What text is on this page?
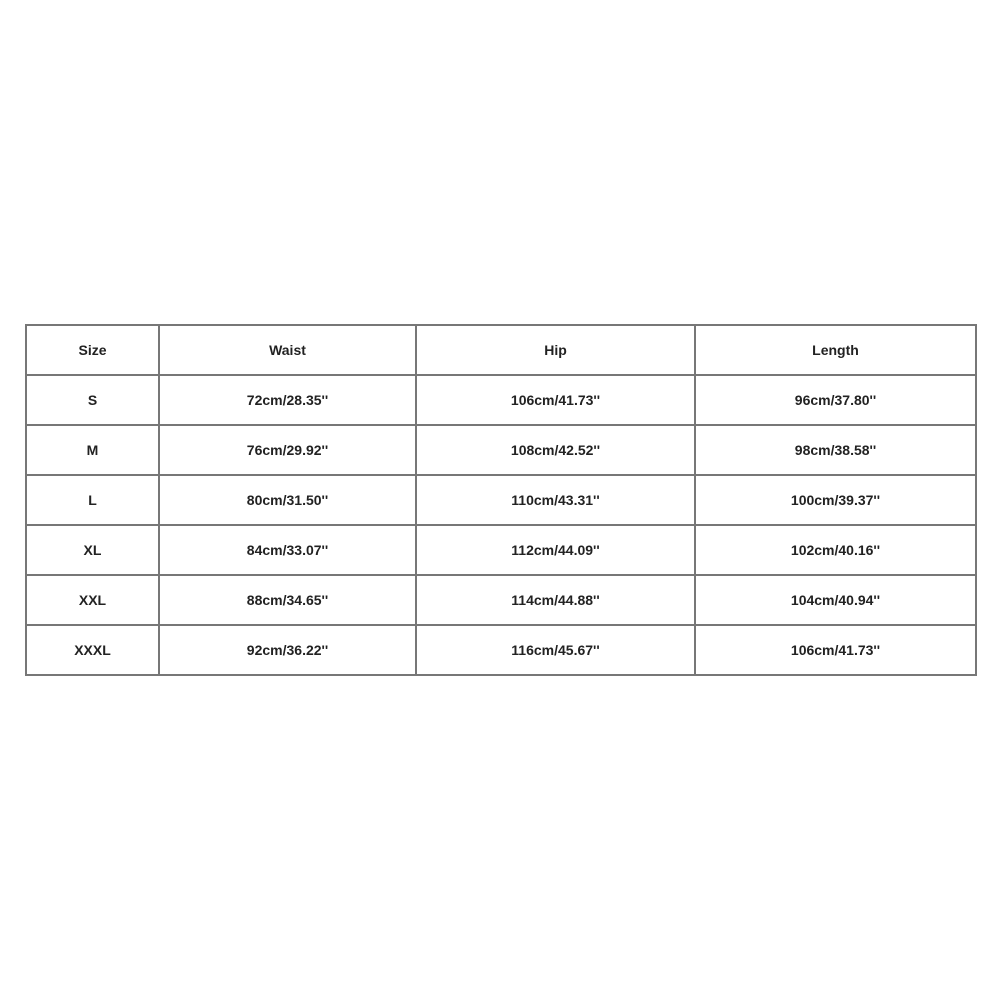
Size	Waist	Hip	Length
S	72cm/28.35''	106cm/41.73''	96cm/37.80''
M	76cm/29.92''	108cm/42.52''	98cm/38.58''
L	80cm/31.50''	110cm/43.31''	100cm/39.37''
XL	84cm/33.07''	112cm/44.09''	102cm/40.16''
XXL	88cm/34.65''	114cm/44.88''	104cm/40.94''
XXXL	92cm/36.22''	116cm/45.67''	106cm/41.73''
